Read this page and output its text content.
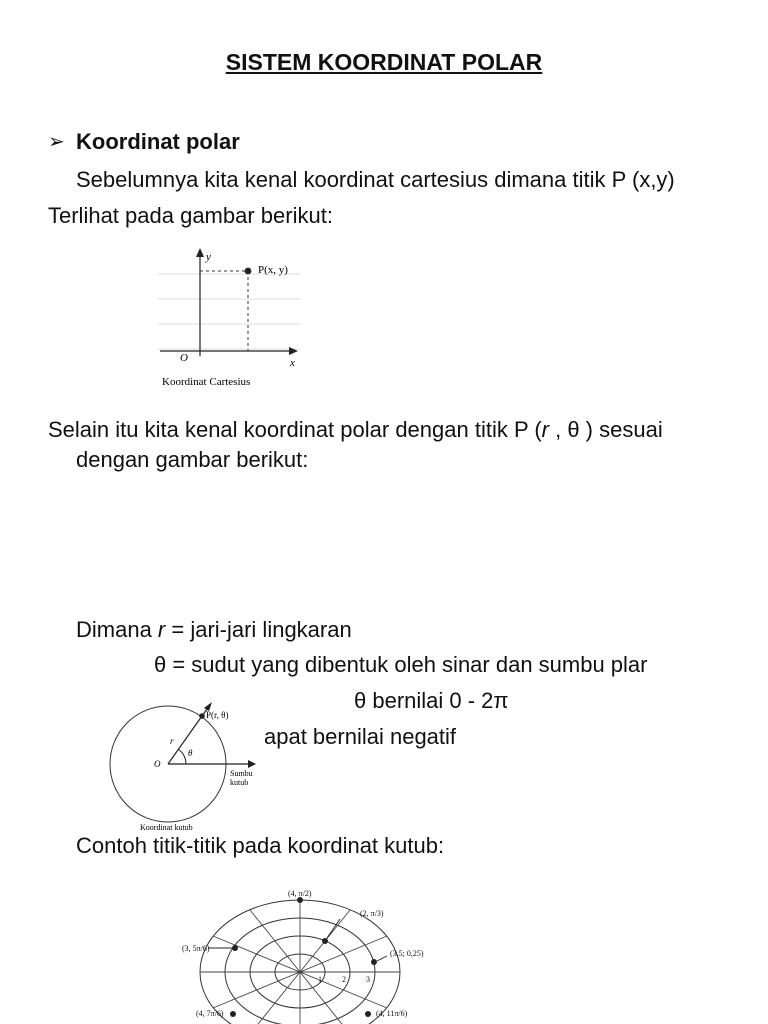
SISTEM KOORDINAT POLAR
➢ Koordinat polar
Sebelumnya kita kenal koordinat cartesius dimana titik P (x,y)
Terlihat pada gambar berikut:
y
x
O
P(x, y)
Koordinat Cartesius
Selain itu kita kenal koordinat polar dengan titik P (r , θ ) sesuai
dengan gambar berikut:
Dimana r = jari-jari lingkaran
θ = sudut yang dibentuk oleh sinar dan sumbu plar
θ bernilai 0 - 2π
apat bernilai negatif
P(r, θ)
r
θ
O
Sumbu
kutub
Koordinat kutub
Contoh titik-titik pada koordinat kutub:
(4, π/2)
(2, π/3)
(3, 5π/6)
(3,5; 0,25)
(4, 7π/6)	(4, 11π/6)
1	2	3
